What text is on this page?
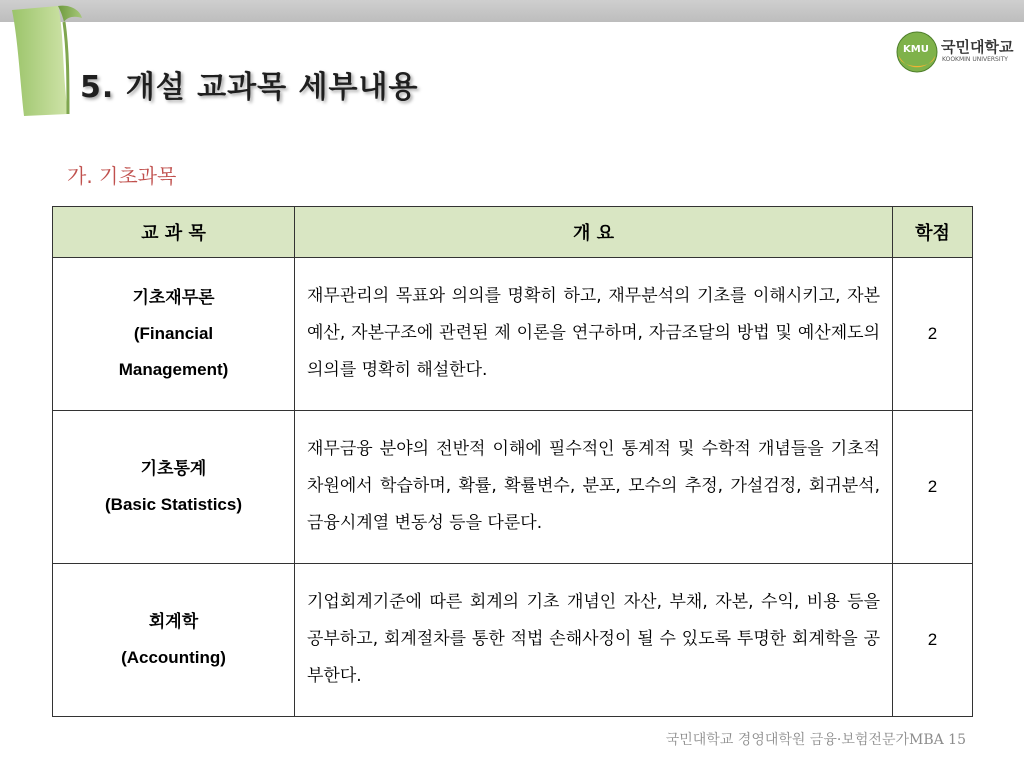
5. 개설 교과목 세부내용
KMU 국민대학교
KOOKMIN UNIVERSITY
가. 기초과목
교 과 목	개 요	학점

기초재무론
(Financial
Management)	재무관리의 목표와 의의를 명확히 하고, 재무분석의 기초를 이해시키고, 자본예산, 자본구조에 관련된 제 이론을 연구하며, 자금조달의 방법 및 예산제도의 의의를 명확히 해설한다.	2

기초통계
(Basic Statistics)	재무금융 분야의 전반적 이해에 필수적인 통계적 및 수학적 개념들을 기초적 차원에서 학습하며, 확률, 확률변수, 분포, 모수의 추정, 가설검정, 회귀분석, 금융시계열 변동성 등을 다룬다.	2

회계학
(Accounting)	기업회계기준에 따른 회계의 기초 개념인 자산, 부채, 자본, 수익, 비용 등을 공부하고, 회계절차를 통한 적법 손해사정이 될 수 있도록 투명한 회계학을 공부한다.	2
국민대학교 경영대학원 금융·보험전문가MBA 15
